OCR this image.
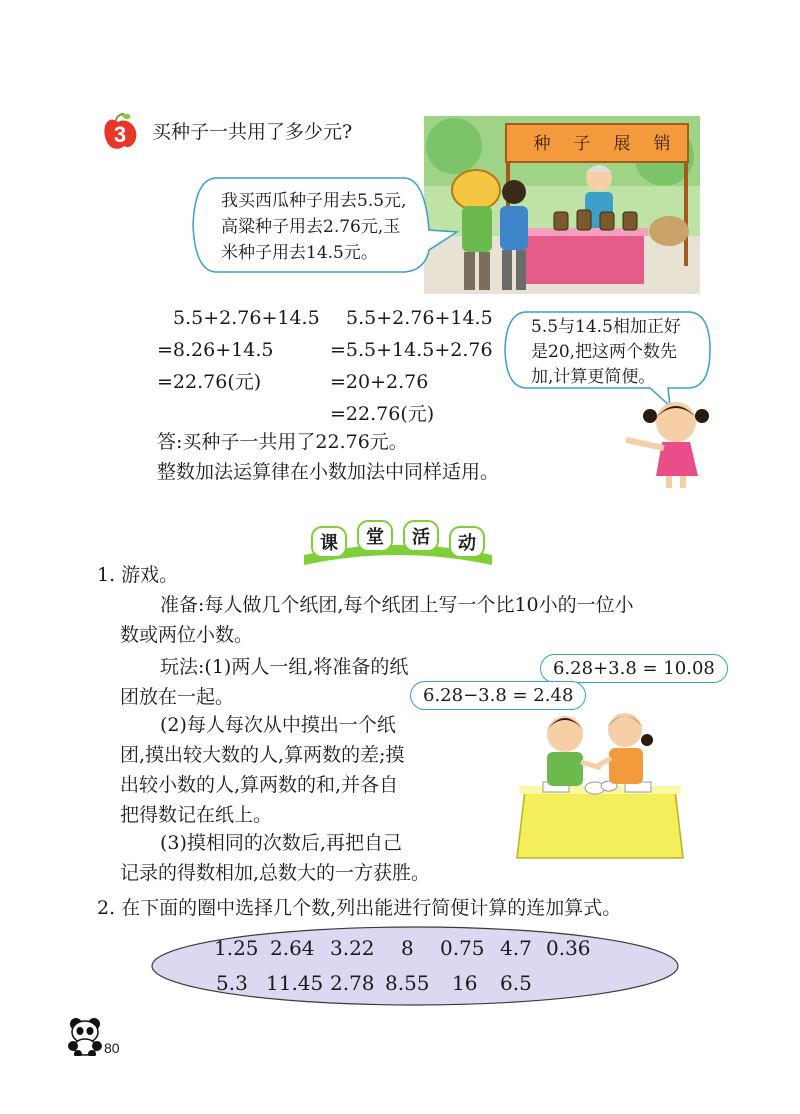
3 买种子一共用了多少元?
种 子 展 销
我买西瓜种子用去5.5元,
高粱种子用去2.76元,玉
米种子用去14.5元。
5.5+2.76+14.5
=8.26+14.5
=22.76(元)
5.5+2.76+14.5
=5.5+14.5+2.76
=20+2.76
=22.76(元)
5.5与14.5相加正好
是20,把这两个数先
加,计算更简便。
答:买种子一共用了22.76元。
整数加法运算律在小数加法中同样适用。
课 堂 活 动
1. 游戏。
准备:每人做几个纸团,每个纸团上写一个比10小的一位小
数或两位小数。
玩法:(1)两人一组,将准备的纸
团放在一起。
(2)每人每次从中摸出一个纸
团,摸出较大数的人,算两数的差;摸
出较小数的人,算两数的和,并各自
把得数记在纸上。
(3)摸相同的次数后,再把自己
记录的得数相加,总数大的一方获胜。
6.28+3.8 = 10.08
6.28−3.8 = 2.48
2. 在下面的圈中选择几个数,列出能进行简便计算的连加算式。
1.25 2.64 3.22 8 0.75 4.7 0.36
5.3 11.45 2.78 8.55 16 6.5
80
